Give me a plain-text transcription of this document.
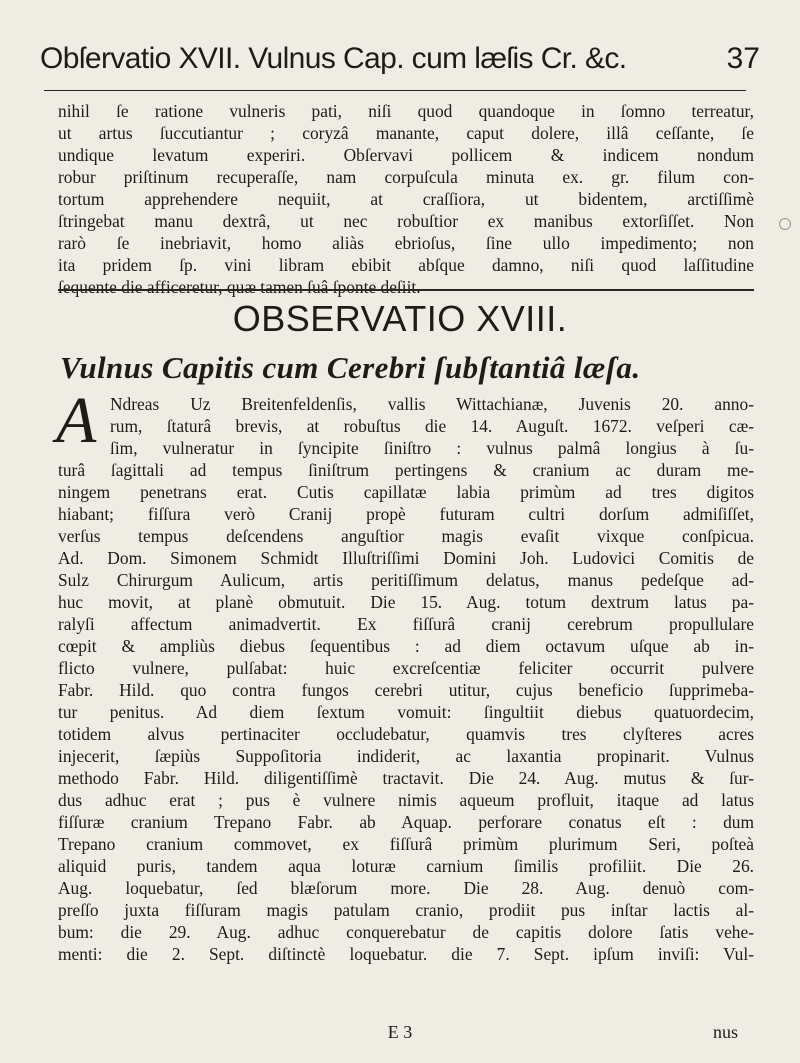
Obſervatio XVII. Vulnus Cap. cum læſis Cr. &c.	37
nihil ſe ratione vulneris pati, niſi quod quandoque in ſomno terreatur,
ut artus ſuccutiantur ; coryzâ manante, caput dolere, illâ ceſſante, ſe
undique levatum experiri. Obſervavi pollicem & indicem nondum
robur priſtinum recuperaſſe, nam corpuſcula minuta ex. gr. filum con-
tortum apprehendere nequiit, at craſſiora, ut bidentem, arctiſſimè
ſtringebat manu dextrâ, ut nec robuſtior ex manibus extorſiſſet. Non
rarò ſe inebriavit, homo aliàs ebrioſus, ſine ullo impedimento; non
ita pridem ſp. vini libram ebibit abſque damno, niſi quod laſſitudine
ſequente die afficeretur, quæ tamen ſuâ ſponte deſiit.
OBSERVATIO XVIII.
Vulnus Capitis cum Cerebri ſubſtantiâ læſa.
A Ndreas Uz Breitenfeldenſis, vallis Wittachianæ, Juvenis 20. anno-
rum, ſtaturâ brevis, at robuſtus die 14. Auguſt. 1672. veſperi cæ-
ſim, vulneratur in ſyncipite ſiniſtro : vulnus palmâ longius à ſu-
turâ ſagittali ad tempus ſiniſtrum pertingens & cranium ac duram me-
ningem penetrans erat. Cutis capillatæ labia primùm ad tres digitos
hiabant; fiſſura verò Cranij propè futuram cultri dorſum admiſiſſet,
verſus tempus deſcendens anguſtior magis evaſit vixque conſpicua.
Ad. Dom. Simonem Schmidt Illuſtriſſimi Domini Joh. Ludovici Comitis de
Sulz Chirurgum Aulicum, artis peritiſſimum delatus, manus pedeſque ad-
huc movit, at planè obmutuit. Die 15. Aug. totum dextrum latus pa-
ralyſi affectum animadvertit. Ex fiſſurâ cranij cerebrum propullulare
cœpit & ampliùs diebus ſequentibus : ad diem octavum uſque ab in-
flicto vulnere, pulſabat: huic excreſcentiæ feliciter occurrit pulvere
Fabr. Hild. quo contra fungos cerebri utitur, cujus beneficio ſupprimeba-
tur penitus. Ad diem ſextum vomuit: ſingultiit diebus quatuordecim,
totidem alvus pertinaciter occludebatur, quamvis tres clyſteres acres
injecerit, ſæpiùs Suppoſitoria indiderit, ac laxantia propinarit. Vulnus
methodo Fabr. Hild. diligentiſſimè tractavit. Die 24. Aug. mutus & ſur-
dus adhuc erat ; pus è vulnere nimis aqueum profluit, itaque ad latus
fiſſuræ cranium Trepano Fabr. ab Aquap. perforare conatus eſt : dum
Trepano cranium commovet, ex fiſſurâ primùm plurimum Seri, poſteà
aliquid puris, tandem aqua loturæ carnium ſimilis profiliit. Die 26.
Aug. loquebatur, ſed blæſorum more. Die 28. Aug. denuò com-
preſſo juxta fiſſuram magis patulam cranio, prodiit pus inſtar lactis al-
bum: die 29. Aug. adhuc conquerebatur de capitis dolore ſatis vehe-
menti: die 2. Sept. diſtinctè loquebatur. die 7. Sept. ipſum inviſi: Vul-
E 3	nus
